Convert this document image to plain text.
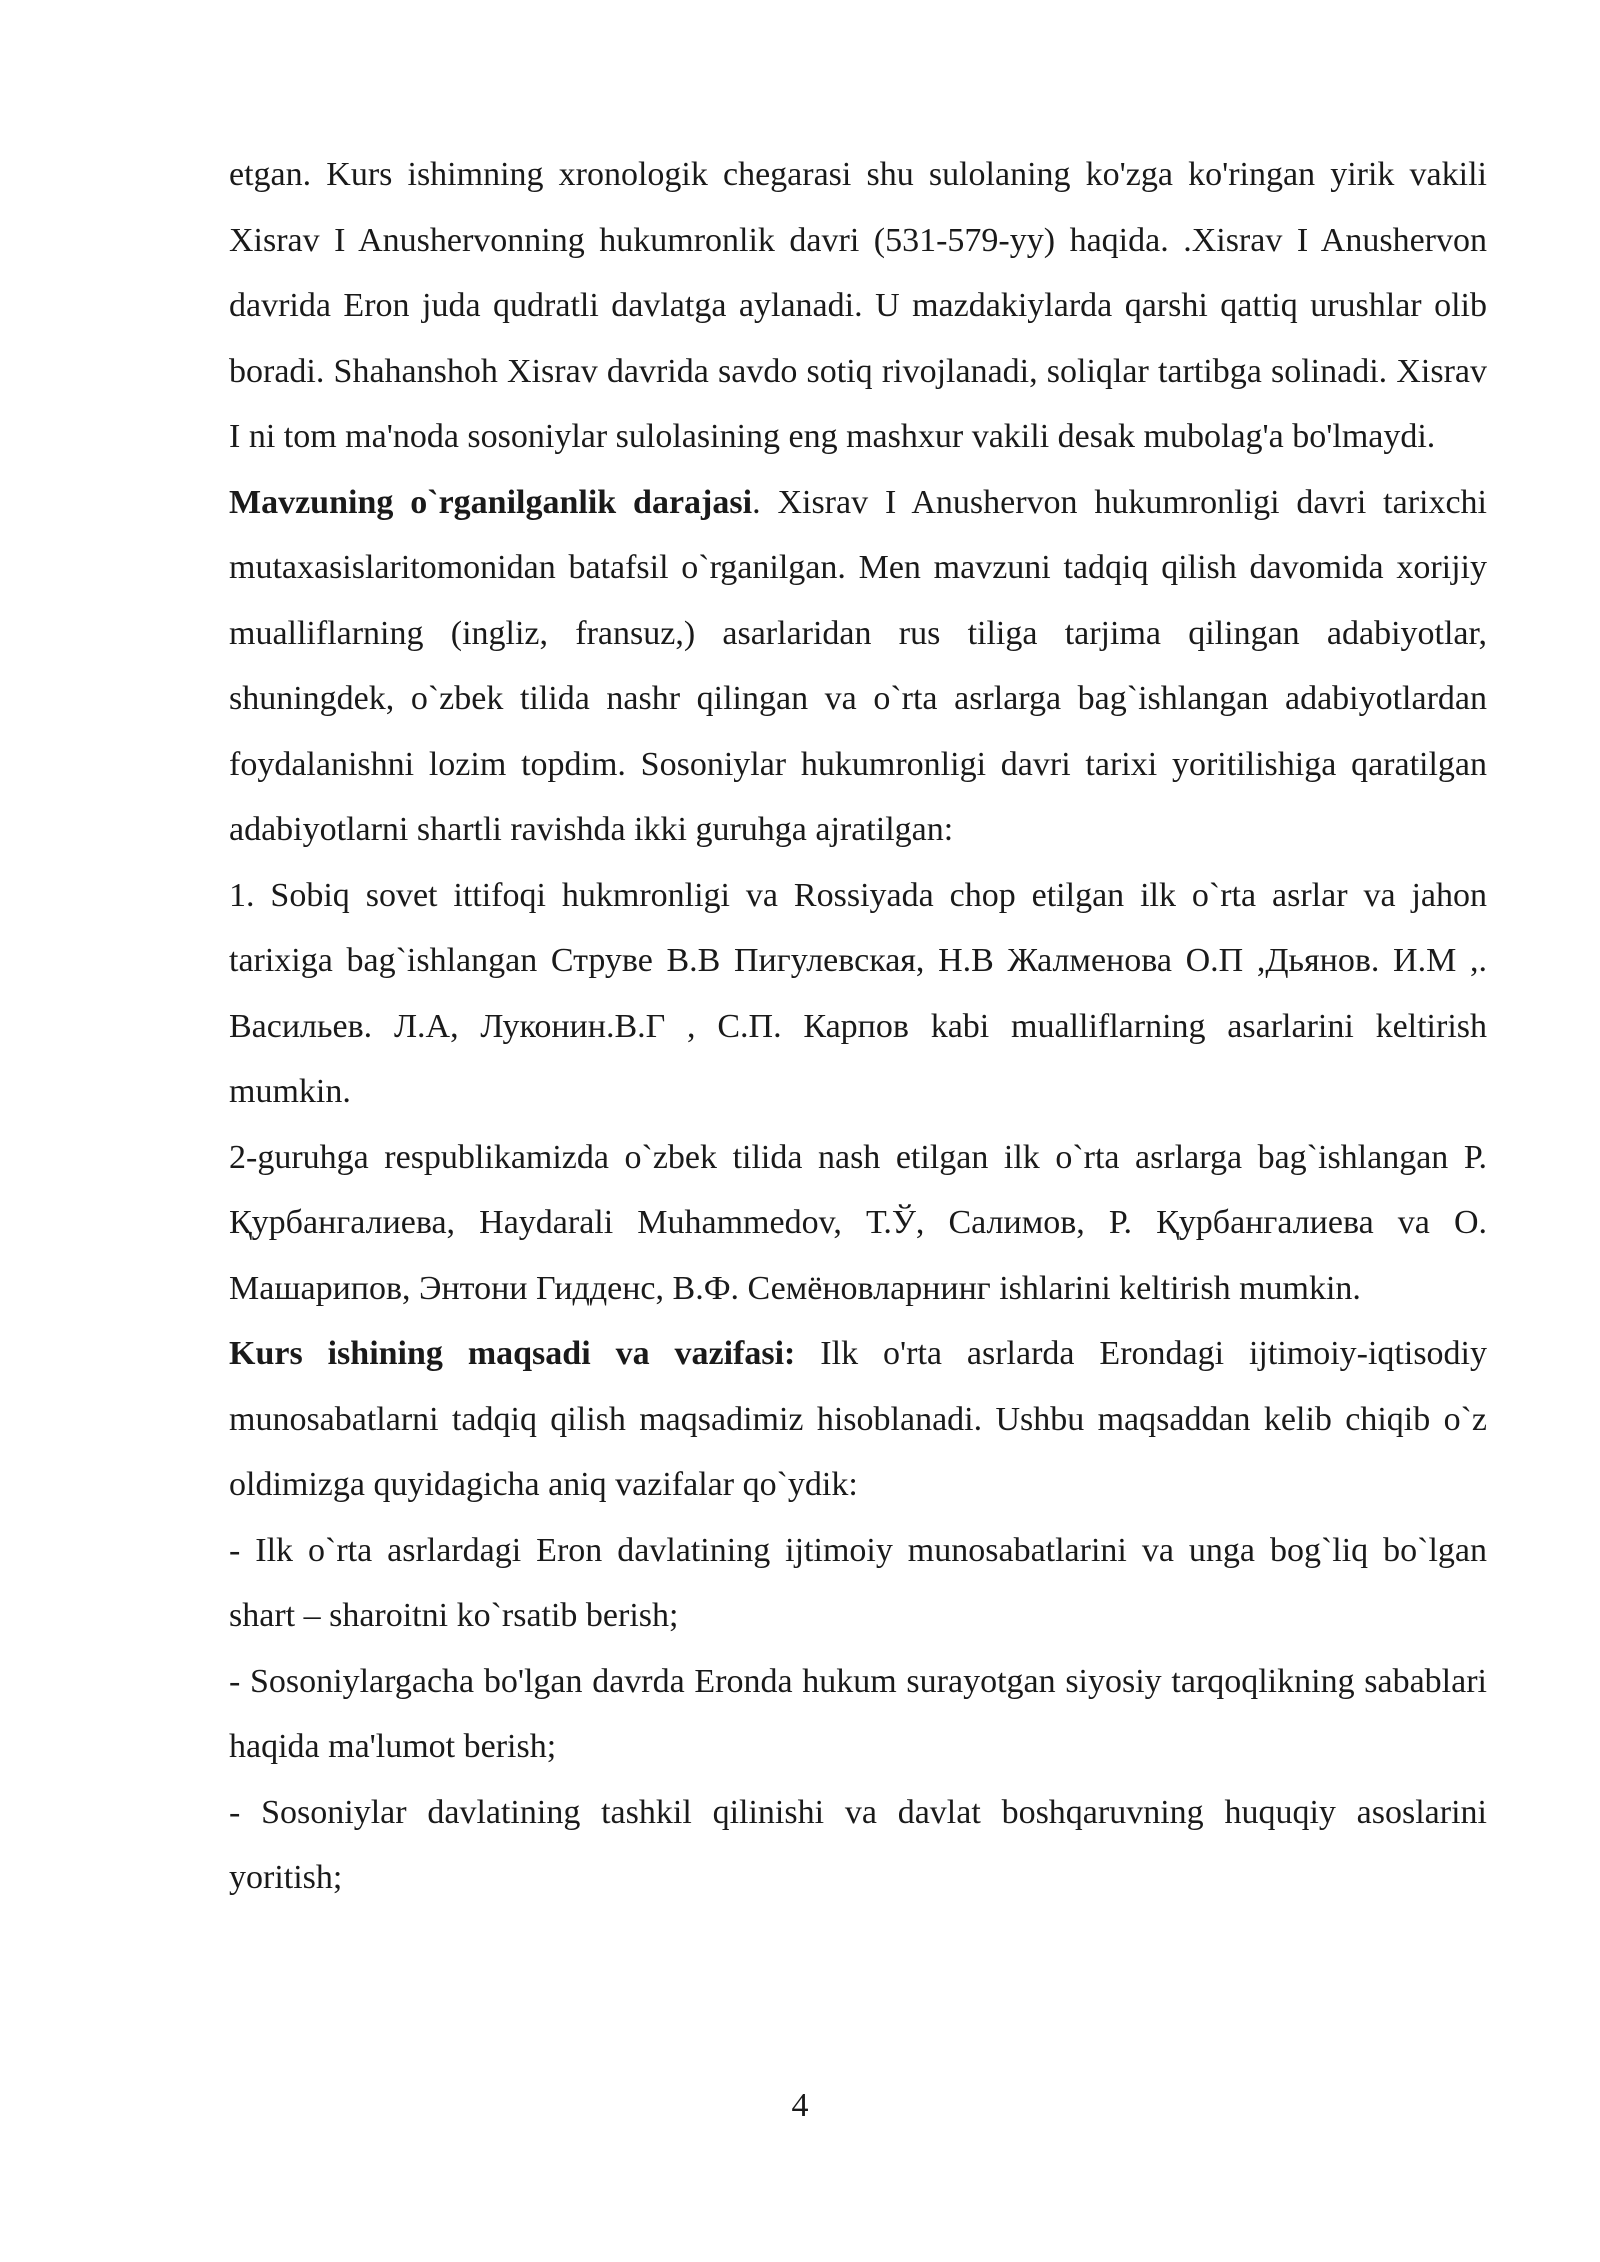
etgan. Kurs ishimning xronologik chegarasi shu sulolaning ko'zga ko'ringan yirik vakili Xisrav I Anushervonning hukumronlik davri (531-579-yy) haqida. .Xisrav I Anushervon davrida Eron juda qudratli davlatga aylanadi. U mazdakiylarda qarshi qattiq urushlar olib boradi. Shahanshoh Xisrav davrida savdo sotiq rivojlanadi, soliqlar tartibga solinadi. Xisrav I ni tom ma'noda sosoniylar sulolasining eng mashxur vakili desak mubolag'a bo'lmaydi.

Mavzuning o`rganilganlik darajasi. Xisrav I Anushervon hukumronligi davri tarixchi mutaxasislaritomonidan batafsil o`rganilgan. Men mavzuni tadqiq qilish davomida xorijiy mualliflarning (ingliz, fransuz,) asarlaridan rus tiliga tarjima qilingan adabiyotlar, shuningdek, o`zbek tilida nashr qilingan va o`rta asrlarga bag`ishlangan adabiyotlardan foydalanishni lozim topdim. Sosoniylar hukumronligi davri tarixi yoritilishiga qaratilgan adabiyotlarni shartli ravishda ikki guruhga ajratilgan:

1. Sobiq sovet ittifoqi hukmronligi va Rossiyada chop etilgan ilk o`rta asrlar va jahon tarixiga bag`ishlangan Струве В.В Пигулевская, Н.В Жалменова О.П ,Дьянов. И.М ,. Васильев. Л.А, Луконин.В.Г , С.П. Карпов kabi mualliflarning asarlarini keltirish mumkin.

2-guruhga respublikamizda o`zbek tilida nash etilgan ilk o`rta asrlarga bag`ishlangan Р. Қурбангалиева, Haydarali Muhammedov, Т.Ў, Салимов, Р. Қурбангалиева va О. Машарипов, Энтони Гидденс, В.Ф. Семёновларнинг ishlarini keltirish mumkin.

Kurs ishining maqsadi va vazifasi: Ilk o'rta asrlarda Erondagi ijtimoiy-iqtisodiy munosabatlarni tadqiq qilish maqsadimiz hisoblanadi. Ushbu maqsaddan kelib chiqib o`z oldimizga quyidagicha aniq vazifalar qo`ydik:

- Ilk o`rta asrlardagi Eron davlatining ijtimoiy munosabatlarini va unga bog`liq bo`lgan shart – sharoitni ko`rsatib berish;

- Sosoniylargacha bo'lgan davrda Eronda hukum surayotgan siyosiy tarqoqlikning sabablari haqida ma'lumot berish;

- Sosoniylar davlatining tashkil qilinishi va davlat boshqaruvning huquqiy asoslarini yoritish;

4
